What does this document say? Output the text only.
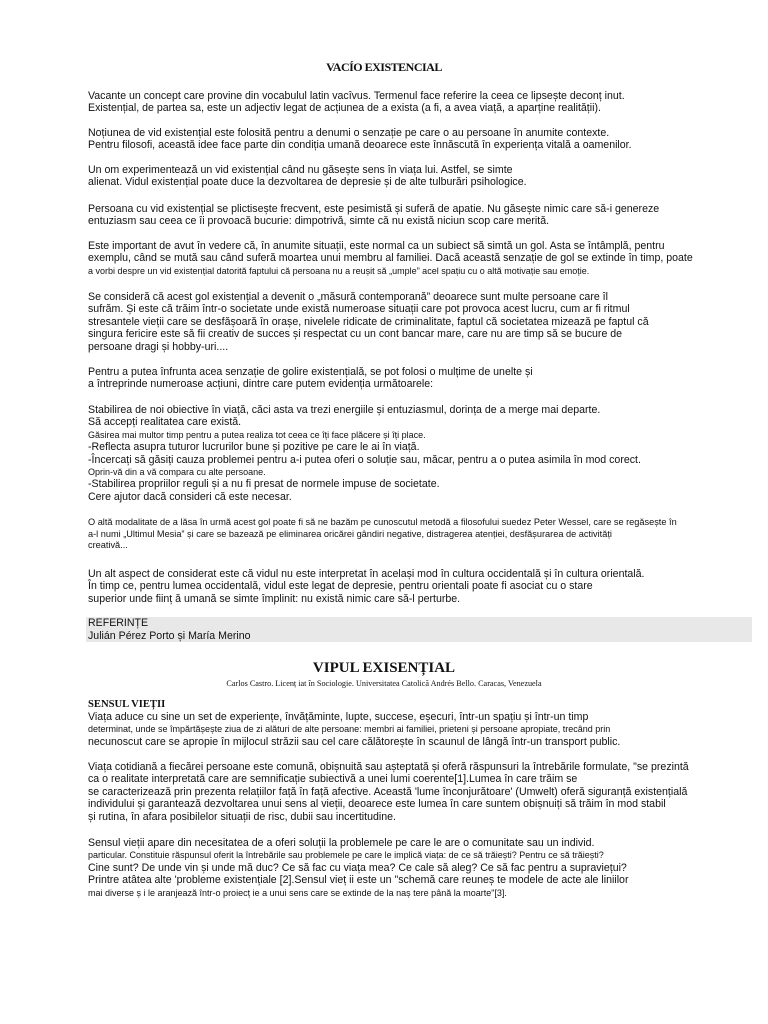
VACÍO EXISTENCIAL
Vacante un concept care provine din vocabulul latin vacîvus. Termenul face referire la ceea ce lipsește deconț inut.
Existențial, de partea sa, este un adjectiv legat de acțiunea de a exista (a fi, a avea viață, a aparține realității).
Noțiunea de vid existențial este folosită pentru a denumi o senzație pe care o au persoane în anumite contexte.
Pentru filosofi, această idee face parte din condiția umană deoarece este înnăscută în experiența vitală a oamenilor.
Un om experimentează un vid existențial când nu găsește sens în viața lui. Astfel, se simte
alienat. Vidul existențial poate duce la dezvoltarea de depresie și de alte tulburări psihologice.
Persoana cu vid existențial se plictisește frecvent, este pesimistă și suferă de apatie. Nu găsește nimic care să-i genereze
entuziasm sau ceea ce îi provoacă bucurie: dimpotrivă, simte că nu există niciun scop care merită.
Este important de avut în vedere că, în anumite situații, este normal ca un subiect să simtă un gol. Asta se întâmplă, pentru
exemplu, când se mută sau când suferă moartea unui membru al familiei. Dacă această senzație de gol se extinde în timp, poate
a vorbi despre un vid existențial datorită faptului că persoana nu a reușit să „umple” acel spațiu cu o altă motivație sau emoție.
Se consideră că acest gol existențial a devenit o „măsură contemporană” deoarece sunt multe persoane care îl
sufrăm. Și este că trăim într-o societate unde există numeroase situații care pot provoca acest lucru, cum ar fi ritmul
stresantele vieții care se desfășoară în orașe, nivelele ridicate de criminalitate, faptul că societatea mizează pe faptul că
singura fericire este să fii creativ de succes și respectat cu un cont bancar mare, care nu are timp să se bucure de
persoane dragi și hobby-uri....
Pentru a putea înfrunta acea senzație de golire existențială, se pot folosi o mulțime de unelte și
a întreprinde numeroase acțiuni, dintre care putem evidenția următoarele:
Stabilirea de noi obiective în viață, căci asta va trezi energiile și entuziasmul, dorința de a merge mai departe.
Să accepți realitatea care există.
Găsirea mai multor timp pentru a putea realiza tot ceea ce îți face plăcere și îți place.
-Reflecta asupra tuturor lucrurilor bune și pozitive pe care le ai în viață.
-Încercați să găsiți cauza problemei pentru a-i putea oferi o soluție sau, măcar, pentru a o putea asimila în mod corect.
Oprin-vă din a vă compara cu alte persoane.
-Stabilirea propriilor reguli și a nu fi presat de normele impuse de societate.
Cere ajutor dacă consideri că este necesar.
O altă modalitate de a lăsa în urmă acest gol poate fi să ne bazăm pe cunoscutul metodă a filosofului suedez Peter Wessel, care se regăsește în
a-l numi „Ultimul Mesia” și care se bazează pe eliminarea oricărei gândiri negative, distragerea atenției, desfășurarea de activități
creativă...
Un alt aspect de considerat este că vidul nu este interpretat în același mod în cultura occidentală și în cultura orientală.
În timp ce, pentru lumea occidentală, vidul este legat de depresie, pentru orientali poate fi asociat cu o stare
superior unde ființ ă umană se simte împlinit: nu există nimic care să-l perturbe.
REFERINȚE
Julián Pérez Porto și María Merino
VIPUL EXISENȚIAL
Carlos Castro. Licenț iat în Sociologie. Universitatea Catolică Andrés Bello. Caracas, Venezuela
SENSUL VIEȚII
Viața aduce cu sine un set de experiențe, învățăminte, lupte, succese, eșecuri, într-un spațiu și într-un timp
determinat, unde se împărtășește ziua de zi alături de alte persoane: membri ai familiei, prieteni și persoane apropiate, trecând prin
necunoscut care se apropie în mijlocul străzii sau cel care călătorește în scaunul de lângă într-un transport public.
Viața cotidiană a fiecărei persoane este comună, obișnuită sau așteptată și oferă răspunsuri la întrebările formulate, "se prezintă
ca o realitate interpretată care are semnificație subiectivă a unei lumi coerente[1].Lumea în care trăim se
se caracterizează prin prezenta relațiilor față în față afective. Această 'lume înconjurătoare' (Umwelt) oferă siguranță existențială
individului și garantează dezvoltarea unui sens al vieții, deoarece este lumea în care suntem obișnuiți să trăim în mod stabil
și rutina, în afara posibilelor situații de risc, dubii sau incertitudine.
Sensul vieții apare din necesitatea de a oferi soluții la problemele pe care le are o comunitate sau un individ.
particular. Constituie răspunsul oferit la întrebările sau problemele pe care le implică viața: de ce să trăiești? Pentru ce să trăiești?
Cine sunt? De unde vin și unde mă duc? Ce să fac cu viața mea? Ce cale să aleg? Ce să fac pentru a supraviețui?
Printre atâtea alte 'probleme existențiale [2].Sensul vieț ii este un "schemă care reuneș te modele de acte ale liniilor
mai diverse ș i le aranjează într-o proiecț ie a unui sens care se extinde de la naș tere până la moarte"[3].
